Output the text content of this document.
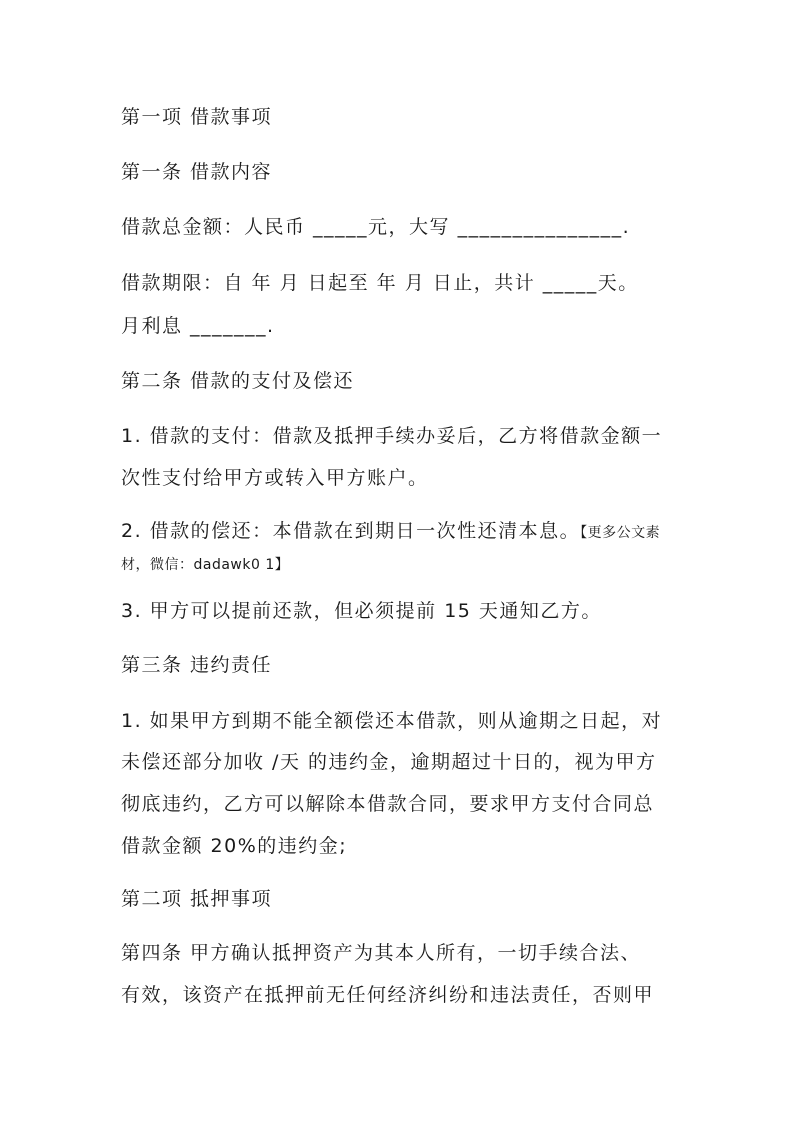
第一项 借款事项

第一条 借款内容

借款总金额：人民币 _____元，大写 _______________.

借款期限：自 年 月 日起至 年 月 日止，共计 _____天。

月利息 _______.

第二条 借款的支付及偿还

1. 借款的支付：借款及抵押手续办妥后，乙方将借款金额一

次性支付给甲方或转入甲方账户。

2. 借款的偿还：本借款在到期日一次性还清本息。【更多公文素

材，微信：dadawk0 1】

3. 甲方可以提前还款，但必须提前 15 天通知乙方。

第三条 违约责任

1. 如果甲方到期不能全额偿还本借款，则从逾期之日起，对

未偿还部分加收 /天 的违约金，逾期超过十日的，视为甲方

彻底违约，乙方可以解除本借款合同，要求甲方支付合同总

借款金额 20%的违约金;

第二项 抵押事项

第四条 甲方确认抵押资产为其本人所有，一切手续合法、

有效，该资产在抵押前无任何经济纠纷和违法责任，否则甲
